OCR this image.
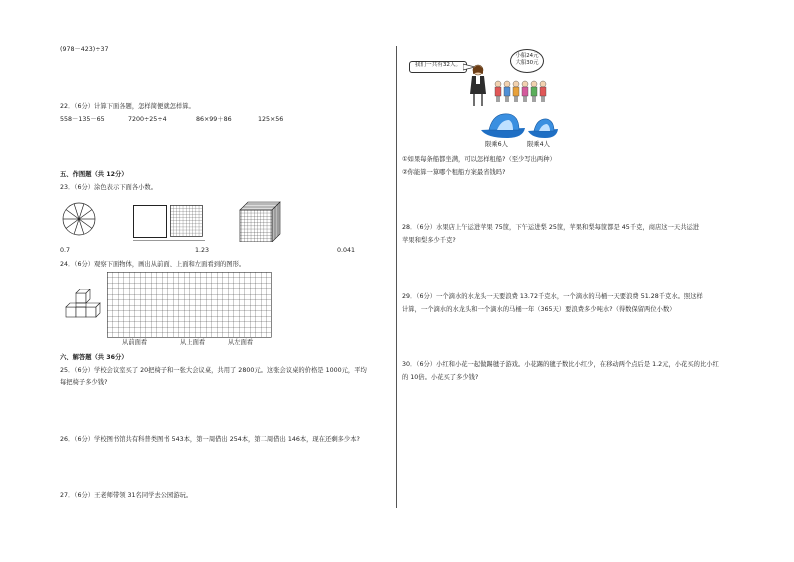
(978－423)÷37
22．（6分）计算下面各题，怎样简便就怎样算。
558－135－65	7200÷25÷4	86×99＋86	125×56
五、作图题（共 12分）
23．（6分）涂色表示下面各小数。
0.7	1.23	0.041
24．（6分）观察下面物体，画出从前面、上面和左面看到的图形。
从前面看	从上面看	从左面看
六、解答题（共 36分）
25．（6分）学校会议室买了 20把椅子和一张大会议桌，共用了 2800元。这张会议桌的价格是 1000元，平均
每把椅子多少钱?
26．（6分）学校图书馆共有科普类图书 543本，第一周借出 254本，第二周借出 146本，现在还剩多少本?
27．（6分）王老师带领 31名同学去公园游玩。
我们一共有32人。
小船24元
大船30元
限乘6人	限乘4人
①如果每条船都坐满，可以怎样租船?（至少写出两种）
②你能算一算哪个租船方案最省钱吗?
28．（6分）水果店上午运进苹果 75筐，下午运进梨 25筐，苹果和梨每筐都是 45千克，商店这一天共运进
苹果和梨多少千克?
29．（6分）一个滴水的水龙头一天要浪费 13.72千克水，一个滴水的马桶一天要浪费 51.28千克水。照这样
计算，一个滴水的水龙头和一个滴水的马桶一年（365天）要浪费多少吨水?（得数保留两位小数）
30．（6分）小红和小花一起做踢毽子游戏。小花踢的毽子数比小红少，在移动两个点后是 1.2元，小花买的比小红
的 10倍。小花买了多少钱?
